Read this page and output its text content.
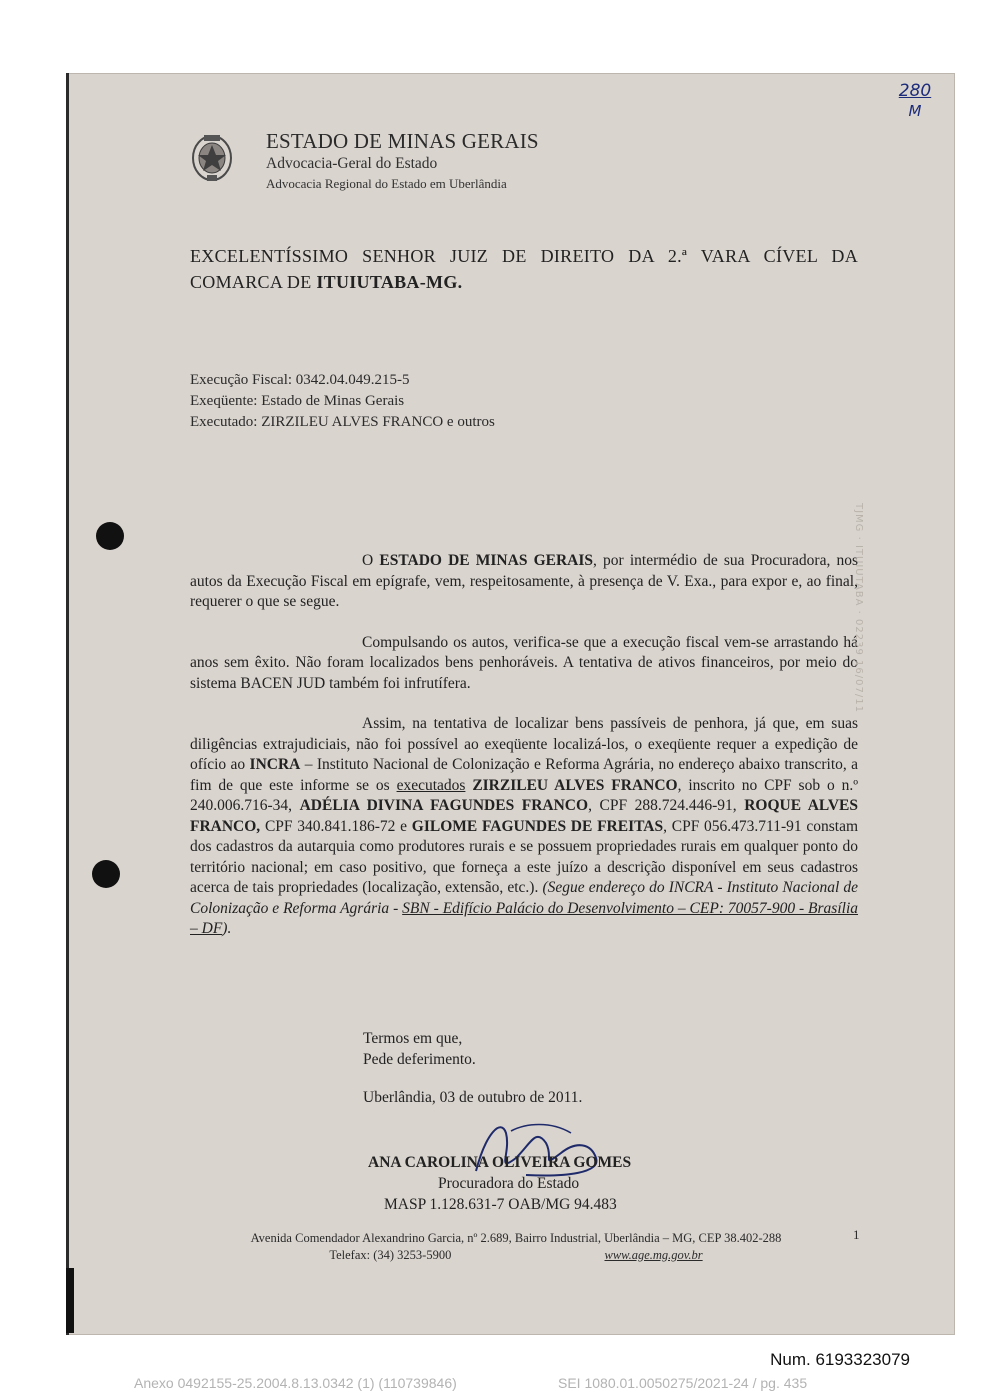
280
M
ESTADO DE MINAS GERAIS
Advocacia-Geral do Estado
Advocacia Regional do Estado em Uberlândia
EXCELENTÍSSIMO SENHOR JUIZ DE DIREITO DA 2.ª VARA CÍVEL DA COMARCA DE ITUIUTABA-MG.
Execução Fiscal: 0342.04.049.215-5
Exeqüente: Estado de Minas Gerais
Executado: ZIRZILEU ALVES FRANCO e outros

O ESTADO DE MINAS GERAIS, por intermédio de sua Procuradora, nos autos da Execução Fiscal em epígrafe, vem, respeitosamente, à presença de V. Exa., para expor e, ao final, requerer o que se segue.

Compulsando os autos, verifica-se que a execução fiscal vem-se arrastando há anos sem êxito. Não foram localizados bens penhoráveis. A tentativa de ativos financeiros, por meio do sistema BACEN JUD também foi infrutífera.

Assim, na tentativa de localizar bens passíveis de penhora, já que, em suas diligências extrajudiciais, não foi possível ao exeqüente localizá-los, o exeqüente requer a expedição de ofício ao INCRA – Instituto Nacional de Colonização e Reforma Agrária, no endereço abaixo transcrito, a fim de que este informe se os executados ZIRZILEU ALVES FRANCO, inscrito no CPF sob o n.º 240.006.716-34, ADÉLIA DIVINA FAGUNDES FRANCO, CPF 288.724.446-91, ROQUE ALVES FRANCO, CPF 340.841.186-72 e GILOME FAGUNDES DE FREITAS, CPF 056.473.711-91 constam dos cadastros da autarquia como produtores rurais e se possuem propriedades rurais em qualquer ponto do território nacional; em caso positivo, que forneça a este juízo a descrição disponível em seus cadastros acerca de tais propriedades (localização, extensão, etc.). (Segue endereço do INCRA - Instituto Nacional de Colonização e Reforma Agrária - SBN - Edifício Palácio do Desenvolvimento – CEP: 70057-900 - Brasília – DF).

Termos em que,
Pede deferimento.
Uberlândia, 03 de outubro de 2011.
ANA CAROLINA OLIVEIRA GOMES
Procuradora do Estado
MASP 1.128.631-7 OAB/MG 94.483
Avenida Comendador Alexandrino Garcia, nº 2.689, Bairro Industrial, Uberlândia – MG, CEP 38.402-288
Telefax: (34) 3253-5900	www.age.mg.gov.br
1
TJMG · ITUIUTABA · 02239 16/07/11
Num. 6193323079
Anexo 0492155-25.2004.8.13.0342 (1) (110739846)	SEI 1080.01.0050275/2021-24 / pg. 435
